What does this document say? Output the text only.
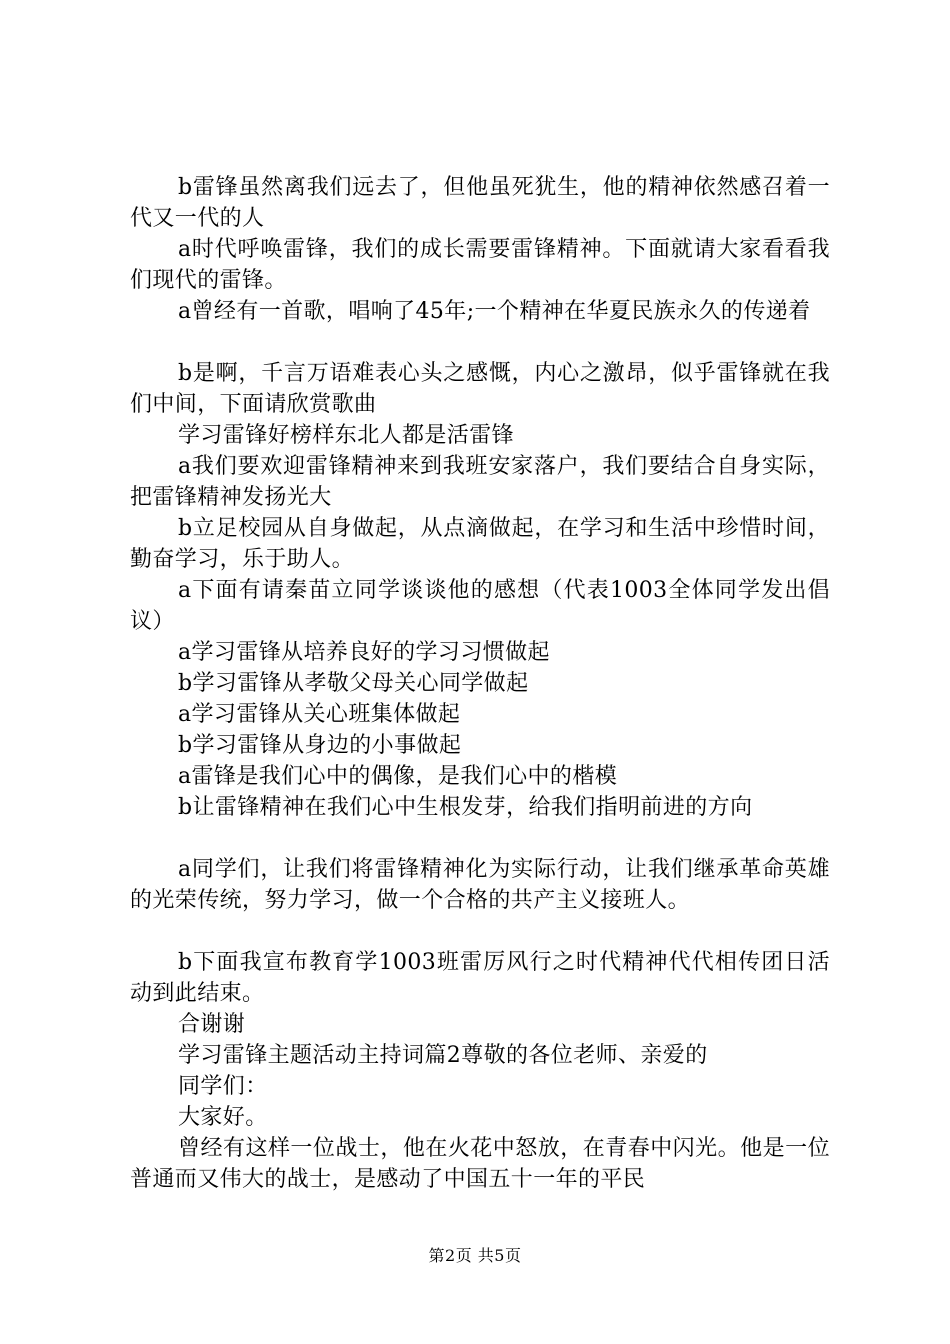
b雷锋虽然离我们远去了，但他虽死犹生，他的精神依然感召着一代又一代的人

a时代呼唤雷锋，我们的成长需要雷锋精神。下面就请大家看看我们现代的雷锋。

a曾经有一首歌，唱响了45年;一个精神在华夏民族永久的传递着

b是啊，千言万语难表心头之感慨，内心之激昂，似乎雷锋就在我们中间，下面请欣赏歌曲

学习雷锋好榜样东北人都是活雷锋

a我们要欢迎雷锋精神来到我班安家落户，我们要结合自身实际，把雷锋精神发扬光大

b立足校园从自身做起，从点滴做起，在学习和生活中珍惜时间，勤奋学习，乐于助人。

a下面有请秦苗立同学谈谈他的感想（代表1003全体同学发出倡议）

a学习雷锋从培养良好的学习习惯做起

b学习雷锋从孝敬父母关心同学做起

a学习雷锋从关心班集体做起

b学习雷锋从身边的小事做起

a雷锋是我们心中的偶像，是我们心中的楷模

b让雷锋精神在我们心中生根发芽，给我们指明前进的方向

a同学们，让我们将雷锋精神化为实际行动，让我们继承革命英雄的光荣传统，努力学习，做一个合格的共产主义接班人。

b下面我宣布教育学1003班雷厉风行之时代精神代代相传团日活动到此结束。

合谢谢

学习雷锋主题活动主持词篇2尊敬的各位老师、亲爱的

同学们：

大家好。

曾经有这样一位战士，他在火花中怒放，在青春中闪光。他是一位普通而又伟大的战士，是感动了中国五十一年的平民

第2页 共5页
